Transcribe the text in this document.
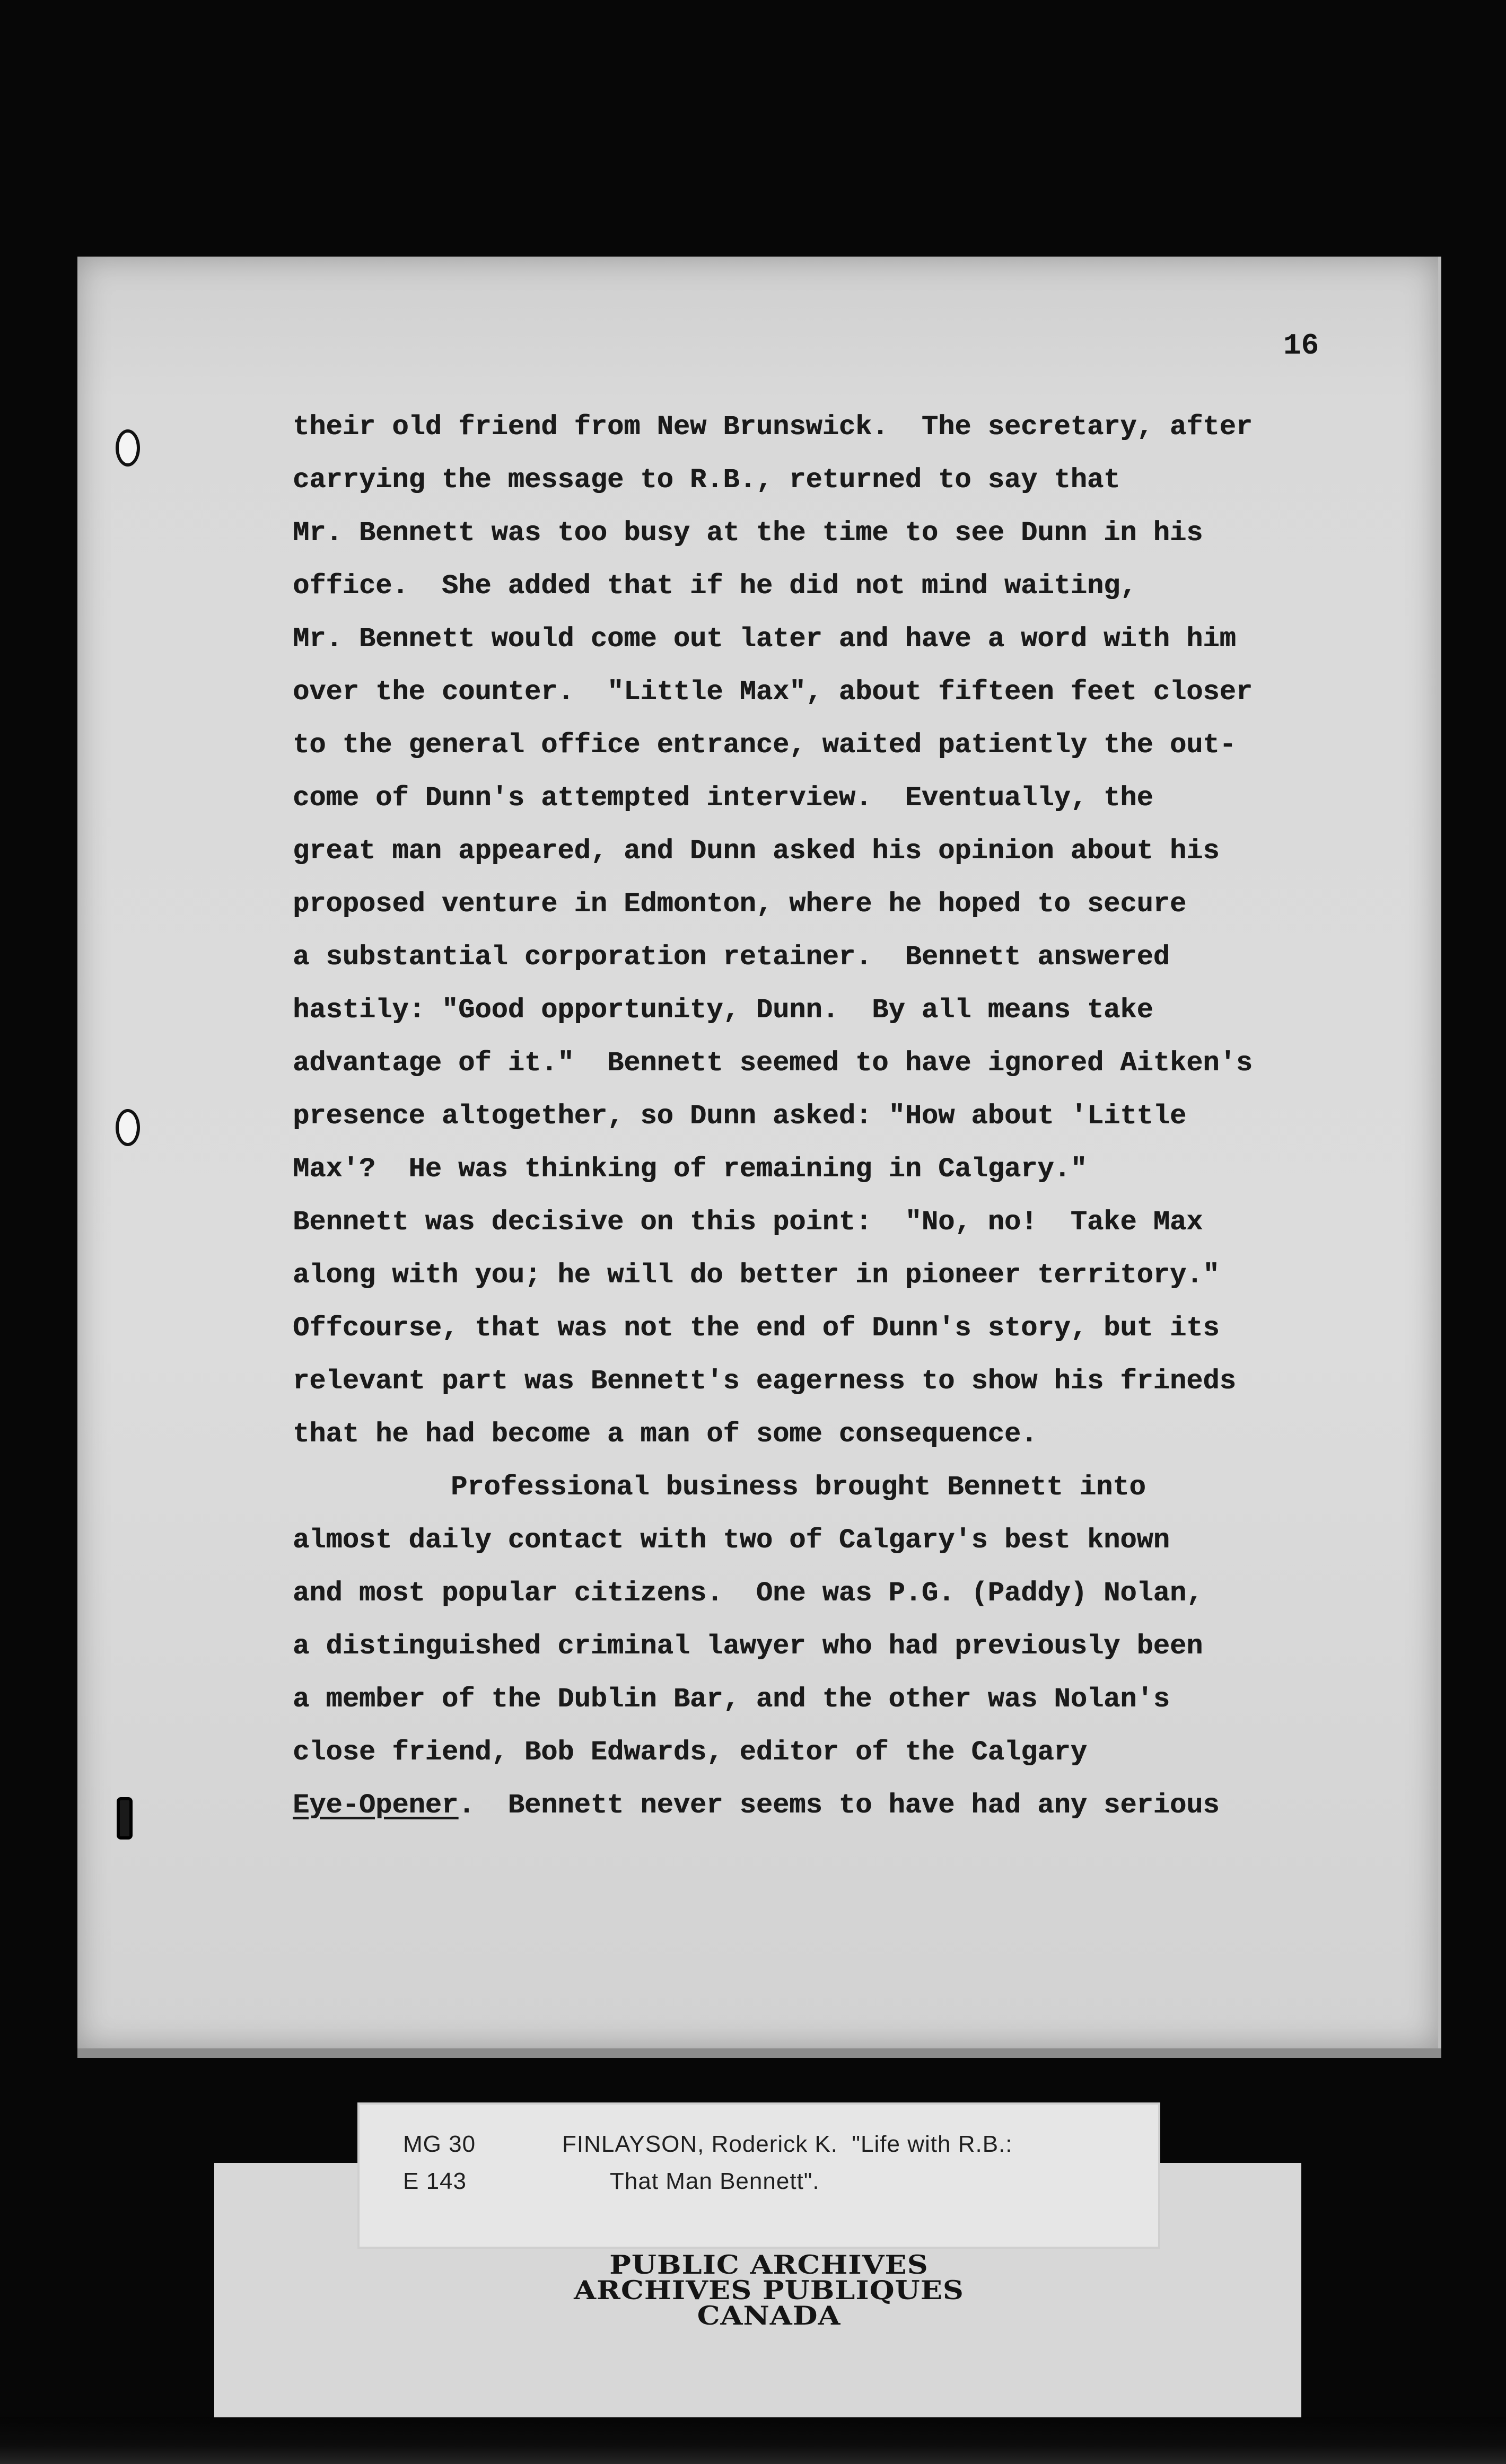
16
their old friend from New Brunswick.  The secretary, after
carrying the message to R.B., returned to say that
Mr. Bennett was too busy at the time to see Dunn in his
office.  She added that if he did not mind waiting,
Mr. Bennett would come out later and have a word with him
over the counter.  "Little Max", about fifteen feet closer
to the general office entrance, waited patiently the out-
come of Dunn's attempted interview.  Eventually, the
great man appeared, and Dunn asked his opinion about his
proposed venture in Edmonton, where he hoped to secure
a substantial corporation retainer.  Bennett answered
hastily: "Good opportunity, Dunn.  By all means take
advantage of it."  Bennett seemed to have ignored Aitken's
presence altogether, so Dunn asked: "How about 'Little
Max'?  He was thinking of remaining in Calgary."
Bennett was decisive on this point:  "No, no!  Take Max
along with you; he will do better in pioneer territory."
Offcourse, that was not the end of Dunn's story, but its
relevant part was Bennett's eagerness to show his frineds
that he had become a man of some consequence.
Professional business brought Bennett into
almost daily contact with two of Calgary's best known
and most popular citizens.  One was P.G. (Paddy) Nolan,
a distinguished criminal lawyer who had previously been
a member of the Dublin Bar, and the other was Nolan's
close friend, Bob Edwards, editor of the Calgary
Eye-Opener.  Bennett never seems to have had any serious
MG 30
E 143
FINLAYSON, Roderick K.  "Life with R.B.:
That Man Bennett".
PUBLIC ARCHIVES
ARCHIVES PUBLIQUES
CANADA
